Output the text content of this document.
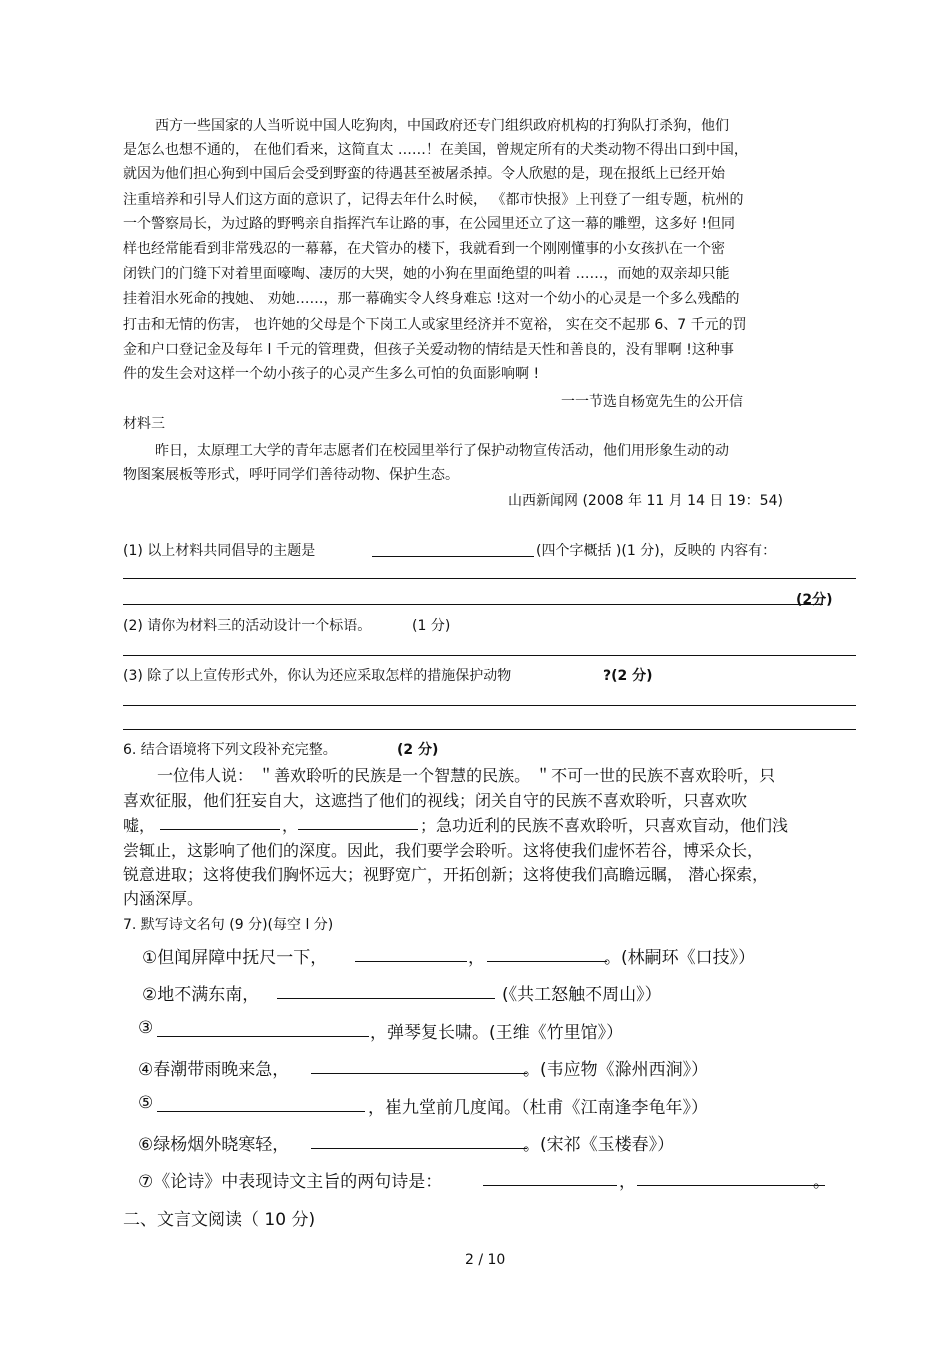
西方一些国家的人当听说中国人吃狗肉，中国政府还专门组织政府机构的打狗队打杀狗，他们
是怎么也想不通的， 在他们看来，这简直太 ……！在美国，曾规定所有的犬类动物不得出口到中国，
就因为他们担心狗到中国后会受到野蛮的待遇甚至被屠杀掉。令人欣慰的是，现在报纸上已经开始
注重培养和引导人们这方面的意识了，记得去年什么时候， 《都市快报》上刊登了一组专题，杭州的
一个警察局长，为过路的野鸭亲自指挥汽车让路的事，在公园里还立了这一幕的雕塑，这多好 !但同
样也经常能看到非常残忍的一幕幕，在犬管办的楼下，我就看到一个刚刚懂事的小女孩扒在一个密
闭铁门的门缝下对着里面嚎啕、凄厉的大哭，她的小狗在里面绝望的叫着 ……，而她的双亲却只能
挂着泪水死命的拽她、 劝她……，那一幕确实令人终身难忘 !这对一个幼小的心灵是一个多么残酷的
打击和无情的伤害， 也许她的父母是个下岗工人或家里经济并不宽裕， 实在交不起那 6、7 千元的罚
金和户口登记金及每年 l 千元的管理费，但孩子关爱动物的情结是天性和善良的，没有罪啊 !这种事
件的发生会对这样一个幼小孩子的心灵产生多么可怕的负面影响啊 !
一一节选自杨宽先生的公开信
材料三
昨日，太原理工大学的青年志愿者们在校园里举行了保护动物宣传活动，他们用形象生动的动
物图案展板等形式，呼吁同学们善待动物、保护生态。
山西新闻网 (2008 年 11 月 14 日 19：54)
(1) 以上材料共同倡导的主题是	(四个字概括 )(1 分)，反映的 内容有：
(2分)
(2) 请你为材料三的活动设计一个标语。	(1 分)
(3) 除了以上宣传形式外，你认为还应采取怎样的措施保护动物	?(2 分)
6. 结合语境将下列文段补充完整。	(2 分)
一位伟人说： ＂善欢聆听的民族是一个智慧的民族。 ＂不可一世的民族不喜欢聆听，只
喜欢征服，他们狂妄自大，这遮挡了他们的视线；闭关自守的民族不喜欢聆听，只喜欢吹
嘘，	，	；急功近利的民族不喜欢聆听，只喜欢盲动，他们浅
尝辄止，这影响了他们的深度。因此，我们要学会聆听。这将使我们虚怀若谷，博采众长，
锐意进取；这将使我们胸怀远大；视野宽广，开拓创新；这将使我们高瞻远瞩， 潜心探索，
内涵深厚。
7. 默写诗文名句 (9 分)(每空 l 分)
①但闻屏障中抚尺一下，	，	。(林嗣环《口技》）
②地不满东南，	(《共工怒触不周山》）
③	，弹琴复长啸。(王维《竹里馆》）
④春潮带雨晚来急，	。(韦应物《滁州西涧》）
⑤	，崔九堂前几度闻。（杜甫《江南逢李龟年》）
⑥绿杨烟外晓寒轻，	。(宋祁《玉楼春》）
⑦《论诗》中表现诗文主旨的两句诗是：	，	。
二、文言文阅读（ 10 分)
2 / 10
